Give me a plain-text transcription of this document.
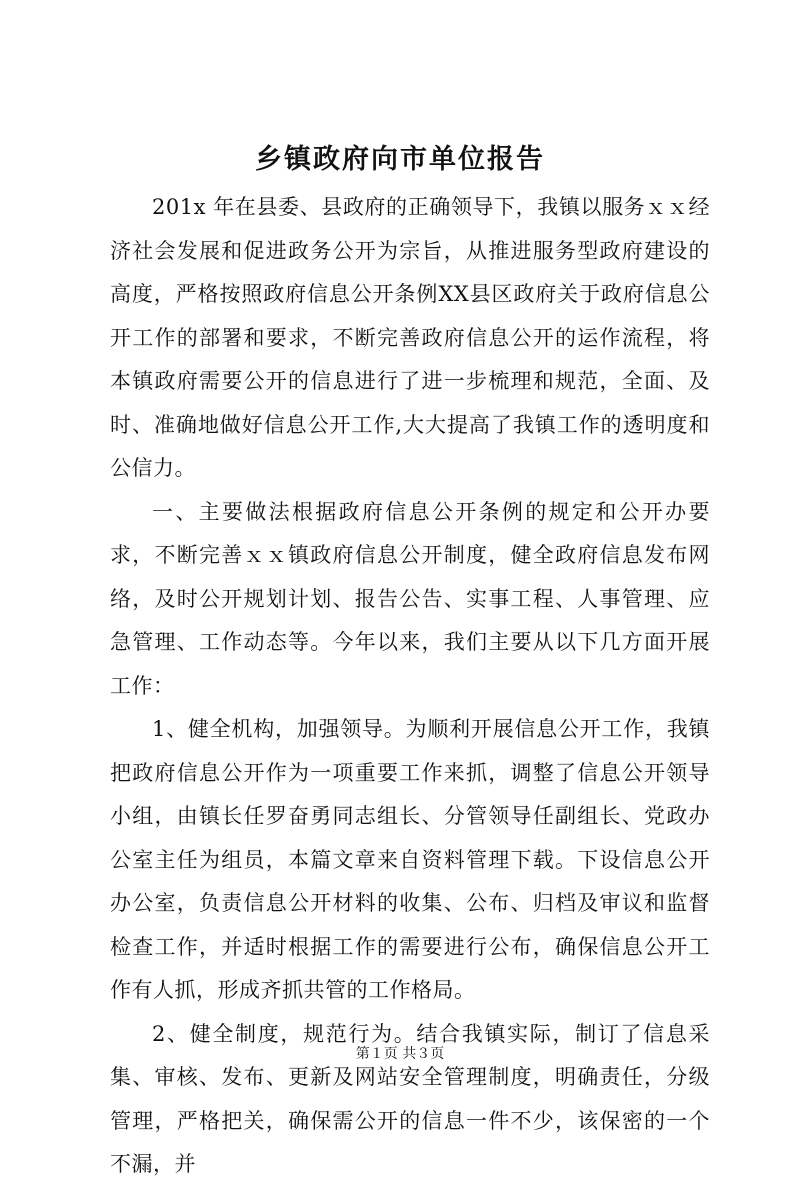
乡镇政府向市单位报告

201x 年在县委、县政府的正确领导下，我镇以服务ｘｘ经济社会发展和促进政务公开为宗旨，从推进服务型政府建设的高度，严格按照政府信息公开条例XX县区政府关于政府信息公开工作的部署和要求，不断完善政府信息公开的运作流程，将本镇政府需要公开的信息进行了进一步梳理和规范，全面、及时、准确地做好信息公开工作,大大提高了我镇工作的透明度和公信力。

一、主要做法根据政府信息公开条例的规定和公开办要求，不断完善ｘｘ镇政府信息公开制度，健全政府信息发布网络，及时公开规划计划、报告公告、实事工程、人事管理、应急管理、工作动态等。今年以来，我们主要从以下几方面开展工作：

1、健全机构，加强领导。为顺利开展信息公开工作，我镇把政府信息公开作为一项重要工作来抓，调整了信息公开领导小组，由镇长任罗奋勇同志组长、分管领导任副组长、党政办公室主任为组员，本篇文章来自资料管理下载。下设信息公开办公室，负责信息公开材料的收集、公布、归档及审议和监督检查工作，并适时根据工作的需要进行公布，确保信息公开工作有人抓，形成齐抓共管的工作格局。

2、健全制度，规范行为。结合我镇实际，制订了信息采集、审核、发布、更新及网站安全管理制度，明确责任，分级管理，严格把关，确保需公开的信息一件不少，该保密的一个不漏，并

第１页 共３页
